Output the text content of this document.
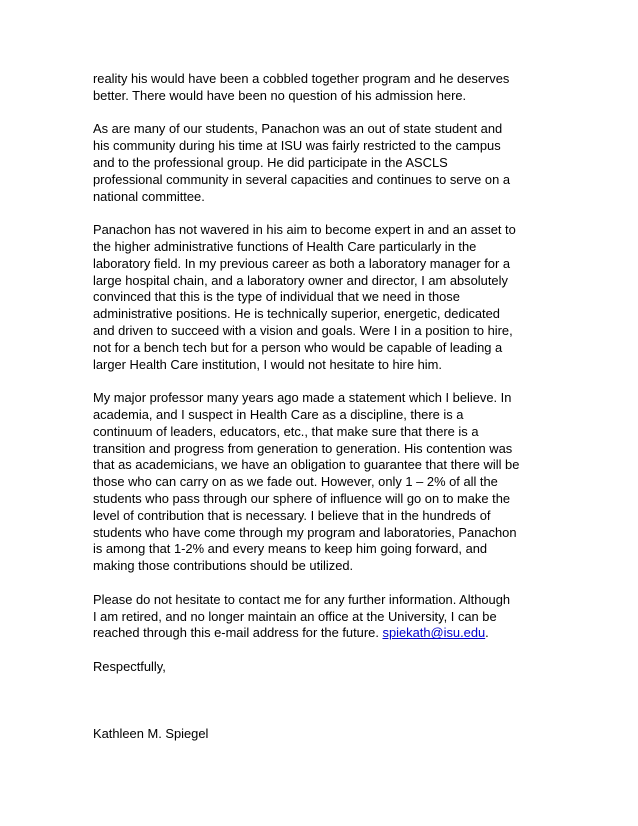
reality his would have been a cobbled together program and he deserves
better. There would have been no question of his admission here.
As are many of our students, Panachon was an out of state student and
his community during his time at ISU was fairly restricted to the campus
and to the professional group. He did participate in the ASCLS
professional community in several capacities and continues to serve on a
national committee.
Panachon has not wavered in his aim to become expert in and an asset to
the higher administrative functions of Health Care particularly in the
laboratory field. In my previous career as both a laboratory manager for a
large hospital chain, and a laboratory owner and director, I am absolutely
convinced that this is the type of individual that we need in those
administrative positions. He is technically superior, energetic, dedicated
and driven to succeed with a vision and goals. Were I in a position to hire,
not for a bench tech but for a person who would be capable of leading a
larger Health Care institution, I would not hesitate to hire him.
My major professor many years ago made a statement which I believe. In
academia, and I suspect in Health Care as a discipline, there is a
continuum of leaders, educators, etc., that make sure that there is a
transition and progress from generation to generation. His contention was
that as academicians, we have an obligation to guarantee that there will be
those who can carry on as we fade out. However, only 1 – 2% of all the
students who pass through our sphere of influence will go on to make the
level of contribution that is necessary. I believe that in the hundreds of
students who have come through my program and laboratories, Panachon
is among that 1-2% and every means to keep him going forward, and
making those contributions should be utilized.
Please do not hesitate to contact me for any further information. Although
I am retired, and no longer maintain an office at the University, I can be
reached through this e-mail address for the future. spiekath@isu.edu.
Respectfully,
Kathleen M. Spiegel
